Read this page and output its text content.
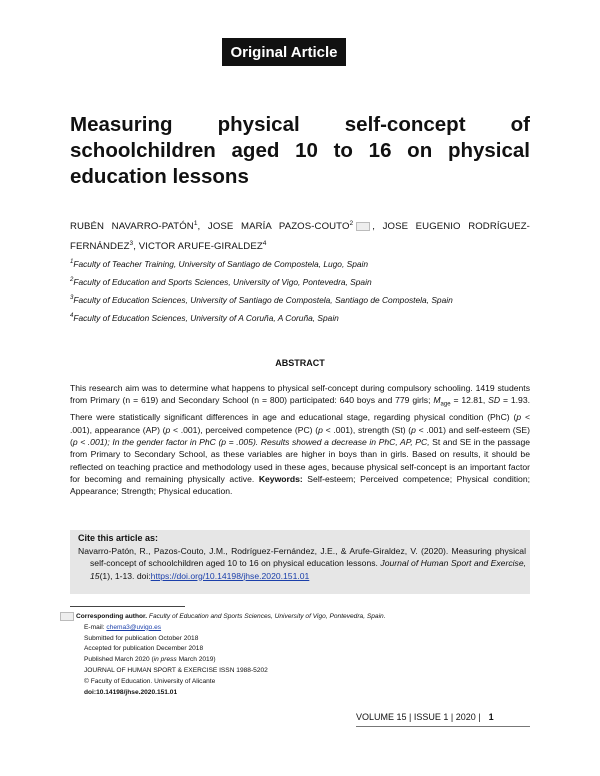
Original Article
Measuring physical self-concept of schoolchildren aged 10 to 16 on physical education lessons
RUBÉN NAVARRO-PATÓN$^1$, JOSE MARÍA PAZOS-COUTO$^2$ , JOSE EUGENIO RODRÍGUEZ-FERNÁNDEZ$^3$, VICTOR ARUFE-GIRALDEZ$^4$
$^1$Faculty of Teacher Training, University of Santiago de Compostela, Lugo, Spain
$^2$Faculty of Education and Sports Sciences, University of Vigo, Pontevedra, Spain
$^3$Faculty of Education Sciences, University of Santiago de Compostela, Santiago de Compostela, Spain
$^4$Faculty of Education Sciences, University of A Coruña, A Coruña, Spain
ABSTRACT
This research aim was to determine what happens to physical self-concept during compulsory schooling. 1419 students from Primary (n = 619) and Secondary School (n = 800) participated: 640 boys and 779 girls; $M_{age} = 12.81$, SD = 1.93. There were statistically significant differences in age and educational stage, regarding physical condition (PhC) (p < .001), appearance (AP) (p < .001), perceived competence (PC) (p < .001), strength (St) (p < .001) and self-esteem (SE) (p < .001); In the gender factor in PhC (p = .005). Results showed a decrease in PhC, AP, PC, St and SE in the passage from Primary to Secondary School, as these variables are higher in boys than in girls. Based on results, it should be reflected on teaching practice and methodology used in these ages, because physical self-concept is an important factor for becoming and remaining physically active. Keywords: Self-esteem; Perceived competence; Physical condition; Appearance; Strength; Physical education.
Cite this article as:
Navarro-Patón, R., Pazos-Couto, J.M., Rodríguez-Fernández, J.E., & Arufe-Giraldez, V. (2020). Measuring physical self-concept of schoolchildren aged 10 to 16 on physical education lessons. Journal of Human Sport and Exercise, 15(1), 1-13. doi:https://doi.org/10.14198/jhse.2020.151.01
Corresponding author. Faculty of Education and Sports Sciences, University of Vigo, Pontevedra, Spain.
E-mail: chema3@uvigo.es
Submitted for publication October 2018
Accepted for publication December 2018
Published March 2020 (in press March 2019)
JOURNAL OF HUMAN SPORT & EXERCISE ISSN 1988-5202
© Faculty of Education. University of Alicante
doi:10.14198/jhse.2020.151.01
VOLUME 15 | ISSUE 1 | 2020 | 1
